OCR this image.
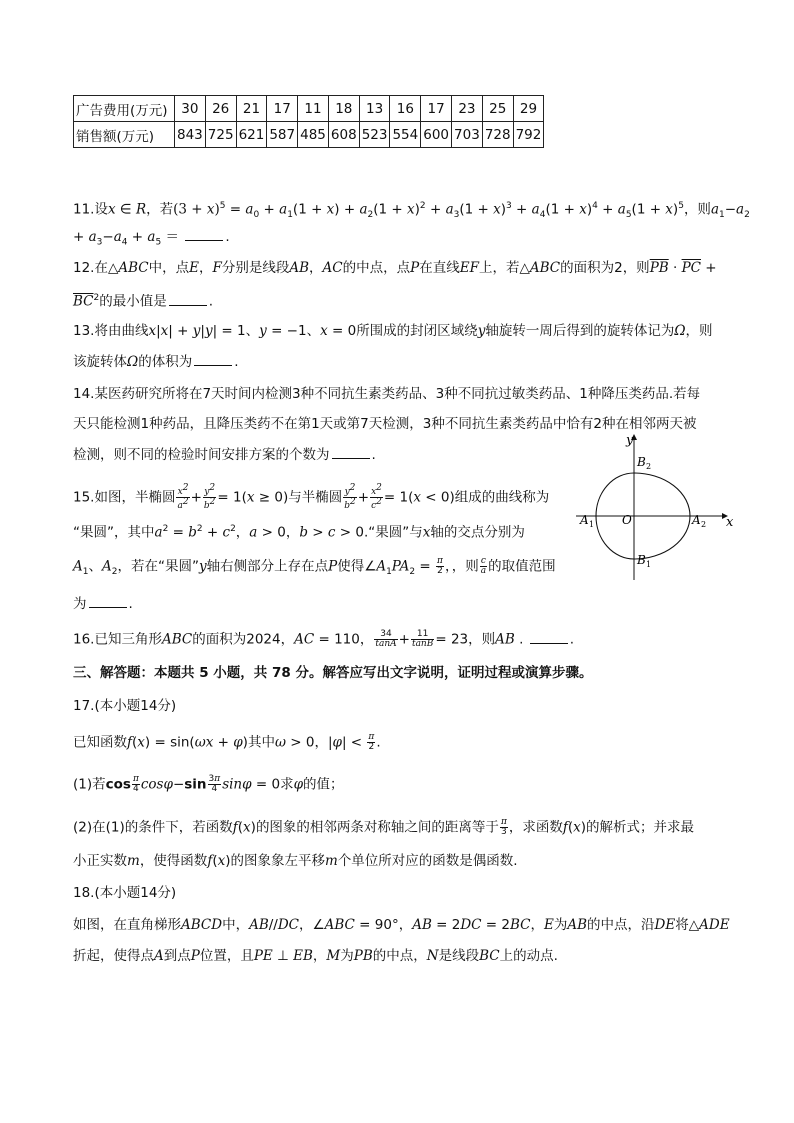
广告费用(万元)	30	26	21	17	11	18	13	16	17	23	25	29
销售额(万元)	843	725	621	587	485	608	523	554	600	703	728	792
11.设x ∈ R，若$(3 + x)^5 = a_0 + a_1(1 + x) + a_2(1 + x)^2 + a_3(1 + x)^3 + a_4(1 + x)^4 + a_5(1 + x)^5$，则$a_1-a_2$
+ $a_3-a_4 + a_5$ ＝	.
12.在△ABC中，点E，F分别是线段AB，AC的中点，点P在直线EF上，若△ABC的面积为2，则$\overline{PB} \cdot \overline{PC}$ +
$\overline{BC}^2$的最小值是	.
13.将由曲线x|x| + y|y| = 1、y = −1、x = 0所围成的封闭区域绕y轴旋转一周后得到的旋转体记为Ω，则
该旋转体Ω的体积为	.
14.某医药研究所将在7天时间内检测3种不同抗生素类药品、3种不同抗过敏类药品、1种降压类药品.若每
天只能检测1种药品，且降压类药不在第1天或第7天检测，3种不同抗生素类药品中恰有2种在相邻两天被
检测，则不同的检验时间安排方案的个数为	.
15.如图，半椭圆 $\frac{x^2}{a^2} + \frac{y^2}{b^2} = 1(x \ge 0)$与半椭圆 $\frac{y^2}{b^2} + \frac{x^2}{c^2} = 1(x < 0)$组成的曲线称为
“果圆”，其中$a^2 = b^2 + c^2$，a > 0，b > c > 0.“果圆”与x轴的交点分别为
$A_1$、$A_2$，若在“果圆”y轴右侧部分上存在点P使得$\angle A_1PA_2 = \frac{\pi}{2}$ ，，则 $\frac{c}{a}$ 的取值范围
为	.
16.已知三角形ABC的面积为2024，AC = 110， $\frac{34}{\tan A} + \frac{11}{\tan B} = 23$，则AB .	.
三、解答题：本题共 5 小题，共 78 分。解答应写出文字说明，证明过程或演算步骤。
17.(本小题14分)
已知函数f(x) = sin(ωx + φ)其中ω > 0，$|\varphi| < \frac{\pi}{2}$ .
(1)若$\cos \frac{\pi}{4} \cos\varphi-\sin \frac{3\pi}{4}$ sinφ = 0求φ的值；
(2)在(1)的条件下，若函数f(x)的图象的相邻两条对称轴之间的距离等于 $\frac{\pi}{3}$ ，求函数f(x)的解析式；并求最
小正实数m，使得函数f(x)的图象象左平移m个单位所对应的函数是偶函数.
18.(本小题14分)
如图，在直角梯形ABCD中，AB//DC，∠ABC = 90°，AB = 2DC = 2BC，E为AB的中点，沿DE将△ADE
折起，使得点A到点P位置，且PE ⊥ EB，M为PB的中点，N是线段BC上的动点.
y
x
O
A 1	A 2
B 2
B 1
